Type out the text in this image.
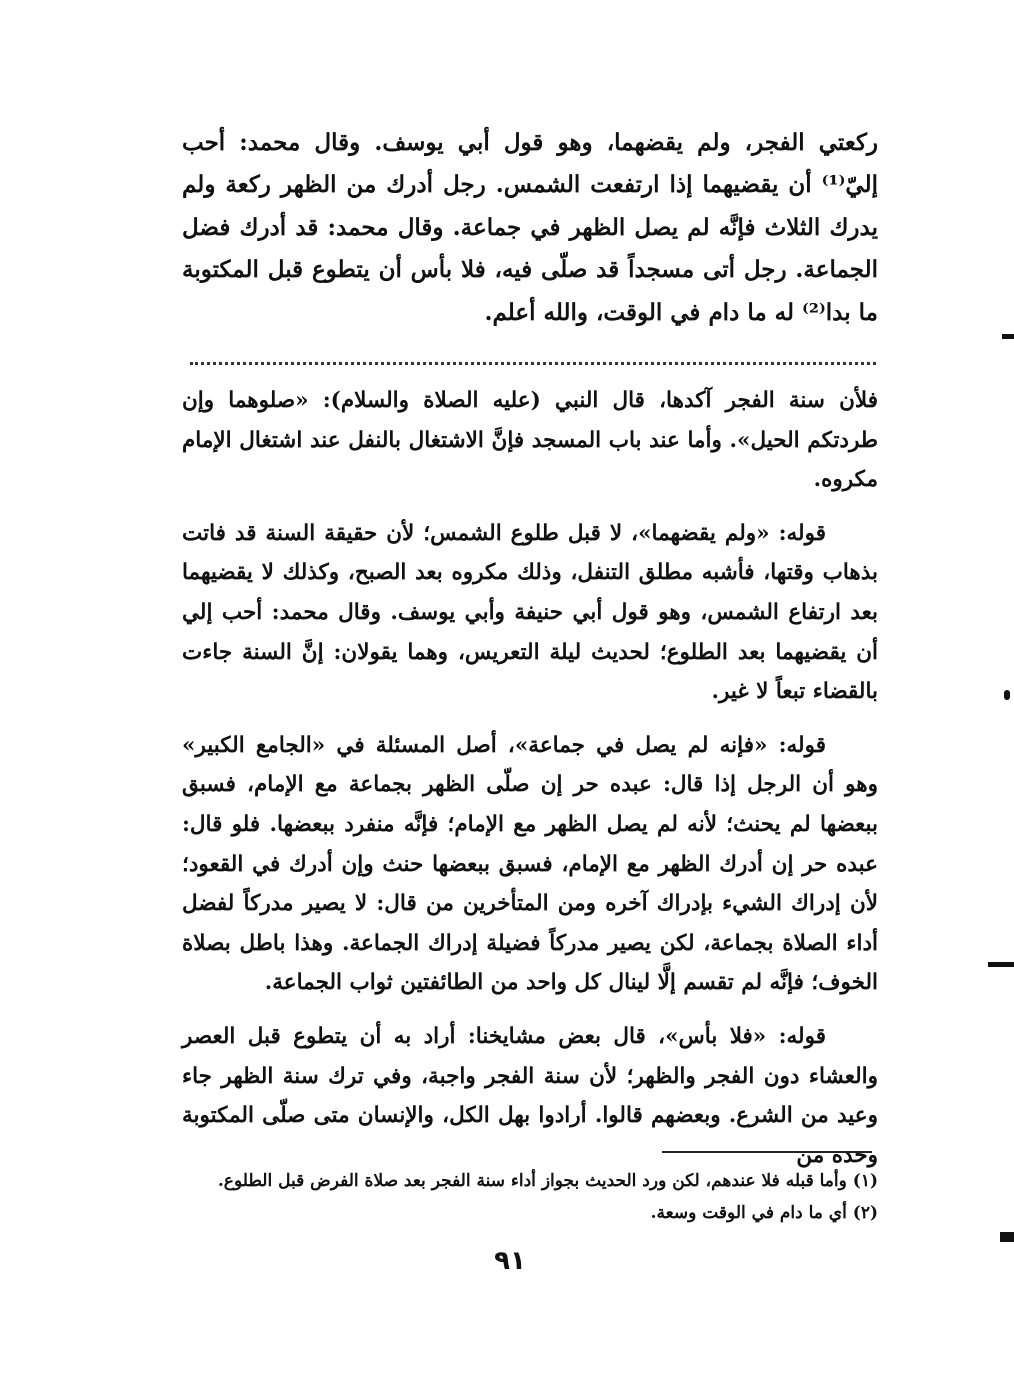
ركعتي الفجر، ولم يقضهما، وهو قول أبي يوسف. وقال محمد: أحب إليّ⁽¹⁾ أن يقضيهما إذا ارتفعت الشمس. رجل أدرك من الظهر ركعة ولم يدرك الثلاث فإنَّه لم يصل الظهر في جماعة. وقال محمد: قد أدرك فضل الجماعة. رجل أتى مسجداً قد صلّى فيه، فلا بأس أن يتطوع قبل المكتوبة ما بدا⁽²⁾ له ما دام في الوقت، والله أعلم.

فلأن سنة الفجر آكدها، قال النبي (عليه الصلاة والسلام): «صلوهما وإن طردتكم الحيل». وأما عند باب المسجد فإنَّ الاشتغال بالنفل عند اشتغال الإمام مكروه.

قوله: «ولم يقضهما»، لا قبل طلوع الشمس؛ لأن حقيقة السنة قد فاتت بذهاب وقتها، فأشبه مطلق التنفل، وذلك مكروه بعد الصبح، وكذلك لا يقضيهما بعد ارتفاع الشمس، وهو قول أبي حنيفة وأبي يوسف. وقال محمد: أحب إلي أن يقضيهما بعد الطلوع؛ لحديث ليلة التعريس، وهما يقولان: إنَّ السنة جاءت بالقضاء تبعاً لا غير.

قوله: «فإنه لم يصل في جماعة»، أصل المسئلة في «الجامع الكبير» وهو أن الرجل إذا قال: عبده حر إن صلّى الظهر بجماعة مع الإمام، فسبق ببعضها لم يحنث؛ لأنه لم يصل الظهر مع الإمام؛ فإنَّه منفرد ببعضها. فلو قال: عبده حر إن أدرك الظهر مع الإمام، فسبق ببعضها حنث وإن أدرك في القعود؛ لأن إدراك الشيء بإدراك آخره ومن المتأخرين من قال: لا يصير مدركاً لفضل أداء الصلاة بجماعة، لكن يصير مدركاً فضيلة إدراك الجماعة. وهذا باطل بصلاة الخوف؛ فإنَّه لم تقسم إلَّا لينال كل واحد من الطائفتين ثواب الجماعة.

قوله: «فلا بأس»، قال بعض مشايخنا: أراد به أن يتطوع قبل العصر والعشاء دون الفجر والظهر؛ لأن سنة الفجر واجبة، وفي ترك سنة الظهر جاء وعيد من الشرع. وبعضهم قالوا. أرادوا بهل الكل، والإنسان متى صلّى المكتوبة وحده من

(١) وأما قبله فلا عندهم، لكن ورد الحديث بجواز أداء سنة الفجر بعد صلاة الفرض قبل الطلوع.

(٢) أي ما دام في الوقت وسعة.

٩١
